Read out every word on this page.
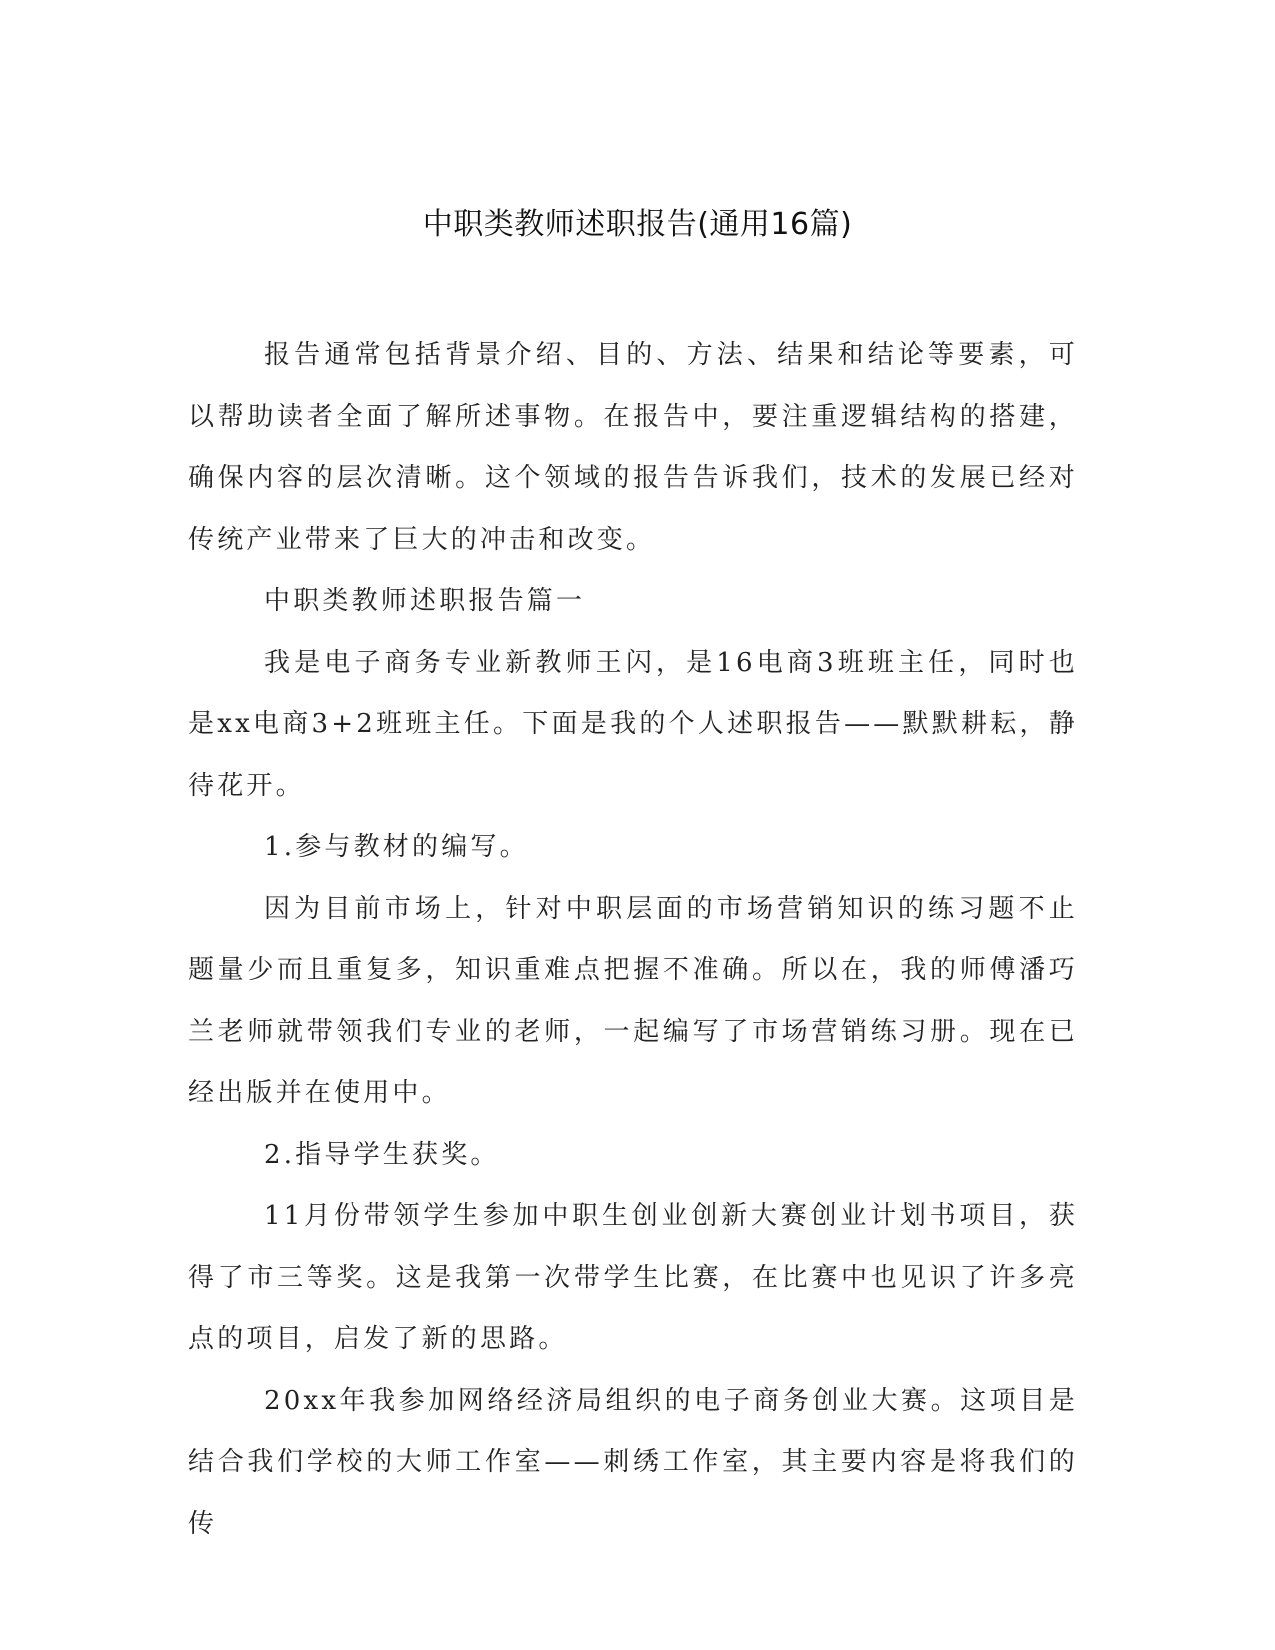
中职类教师述职报告(通用16篇)

报告通常包括背景介绍、目的、方法、结果和结论等要素，可以帮助读者全面了解所述事物。在报告中，要注重逻辑结构的搭建，确保内容的层次清晰。这个领域的报告告诉我们，技术的发展已经对传统产业带来了巨大的冲击和改变。

中职类教师述职报告篇一

我是电子商务专业新教师王闪，是16电商3班班主任，同时也是xx电商3+2班班主任。下面是我的个人述职报告——默默耕耘，静待花开。

1.参与教材的编写。

因为目前市场上，针对中职层面的市场营销知识的练习题不止题量少而且重复多，知识重难点把握不准确。所以在，我的师傅潘巧兰老师就带领我们专业的老师，一起编写了市场营销练习册。现在已经出版并在使用中。

2.指导学生获奖。

11月份带领学生参加中职生创业创新大赛创业计划书项目，获得了市三等奖。这是我第一次带学生比赛，在比赛中也见识了许多亮点的项目，启发了新的思路。

20xx年我参加网络经济局组织的电子商务创业大赛。这项目是结合我们学校的大师工作室——刺绣工作室，其主要内容是将我们的传
